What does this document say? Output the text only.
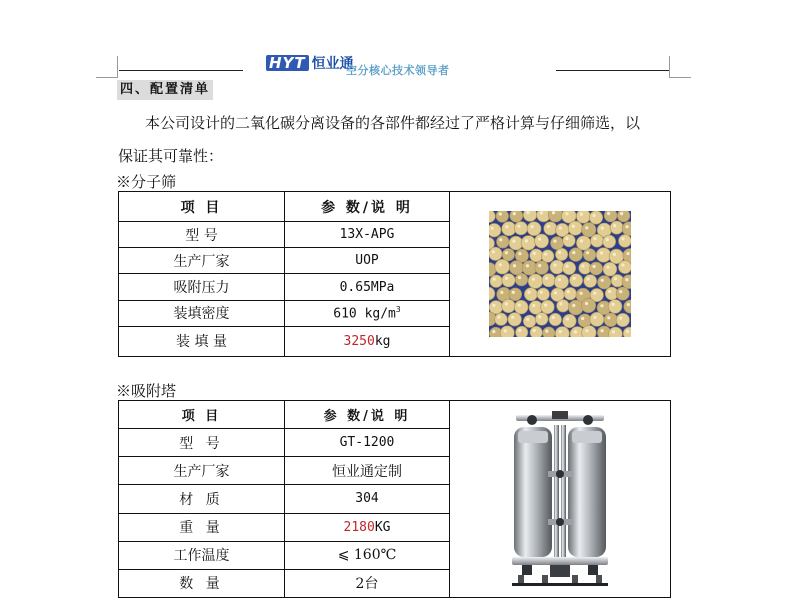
HYT 恒业通
空分核心技术领导者
四、配置清单
本公司设计的二氧化碳分离设备的各部件都经过了严格计算与仔细筛选，以
保证其可靠性：
※分子筛
项 目	参 数/说 明	

型 号	13X-APG	
生产厂家	UOP	
吸附压力	0.65MPa	
装填密度	610 $kg/m^3$
装 填 量	3250kg	
※吸附塔
项 目	参 数/说 明	

型 号	GT-1200	
生产厂家	恒业通定制	
材 质	304	
重 量	2180KG	
工作温度	⩽ 160℃	
数 量	2台	
